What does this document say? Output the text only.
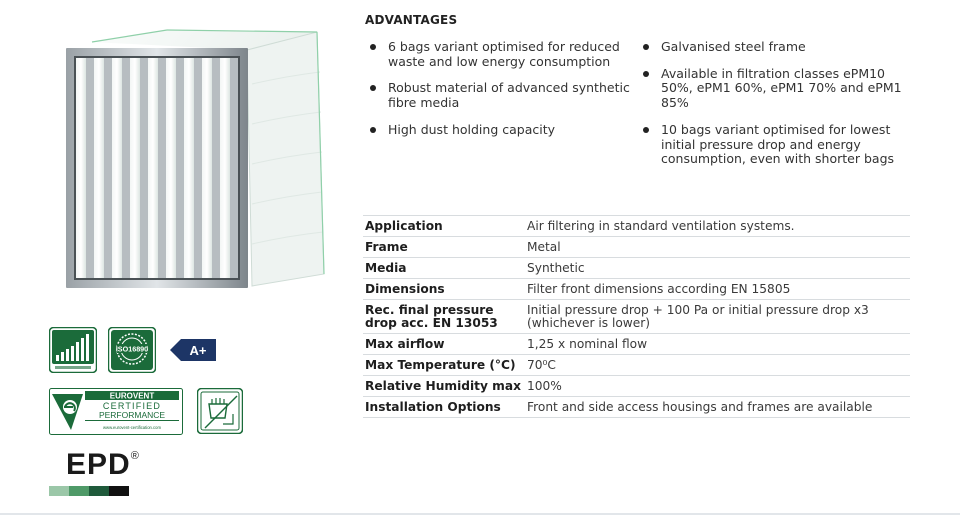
ISO16890	A+
EUROVENT
CERTIFIED
PERFORMANCE
www.eurovent-certification.com
EPD®
ADVANTAGES
6 bags variant optimised for reduced waste and low energy consumption
Robust material of advanced synthetic fibre media
High dust holding capacity
Galvanised steel frame
Available in filtration classes ePM10 50%, ePM1 60%, ePM1 70% and ePM1 85%
10 bags variant optimised for lowest initial pressure drop and energy consumption, even with shorter bags
Application	Air filtering in standard ventilation systems.
Frame	Metal
Media	Synthetic
Dimensions	Filter front dimensions according EN 15805
Rec. final pressure drop acc. EN 13053	Initial pressure drop + 100 Pa or initial pressure drop x3 (whichever is lower)
Max airflow	1,25 x nominal flow
Max Temperature (°C)	70⁰C
Relative Humidity max	100%
Installation Options	Front and side access housings and frames are available
